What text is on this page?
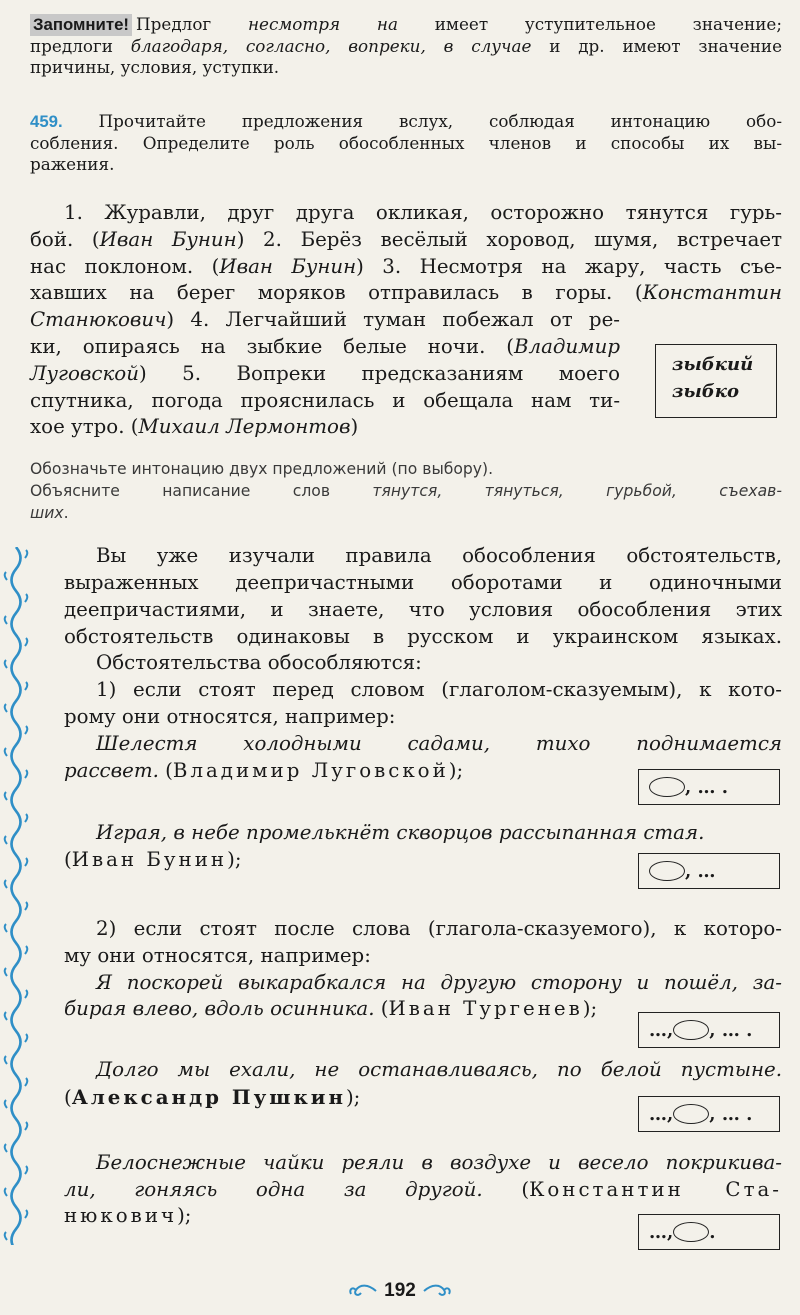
Запомните! Предлог несмотря на имеет уступительное значение;
предлоги благодаря, согласно, вопреки, в случае и др. имеют значение
причины, условия, уступки.
459. Прочитайте предложения вслух, соблюдая интонацию обо-
собления. Определите роль обособленных членов и способы их вы-
ражения.
1. Журавли, друг друга окликая, осторожно тянутся гурь-
бой. (Иван Бунин) 2. Берёз весёлый хоровод, шумя, встречает
нас поклоном. (Иван Бунин) 3. Несмотря на жару, часть съе-
хавших на берег моряков отправилась в горы. (Константин
Станюкович) 4. Легчайший туман побежал от ре-
ки, опираясь на зыбкие белые ночи. (Владимир
Луговской) 5. Вопреки предсказаниям моего
спутника, погода прояснилась и обещала нам ти-
хое утро. (Михаил Лермонтов)
зыбкий
зыбко
Обозначьте интонацию двух предложений (по выбору).
Объясните написание слов тянутся, тянуться, гурьбой, съехав-
ших.
Вы уже изучали правила обособления обстоятельств,
выраженных деепричастными оборотами и одиночными
деепричастиями, и знаете, что условия обособления этих
обстоятельств одинаковы в русском и украинском языках.
Обстоятельства обособляются:
1) если стоят перед словом (глаголом-сказуемым), к кото-
рому они относятся, например:
Шелестя холодными садами, тихо поднимается
рассвет. (Владимир Луговской);
Играя, в небе промелькнёт скворцов рассыпанная стая.
(Иван Бунин);
2) если стоят после слова (глагола-сказуемого), к которо-
му они относятся, например:
Я поскорей выкарабкался на другую сторону и пошёл, за-
бирая влево, вдоль осинника. (Иван Тургенев);
Долго мы ехали, не останавливаясь, по белой пустыне.
(Александр Пушкин);
Белоснежные чайки реяли в воздухе и весело покрикива-
ли, гоняясь одна за другой. (Константин Ста-
нюкович);
, … .
, …
…, , … .
…, , … .
…, .
192
